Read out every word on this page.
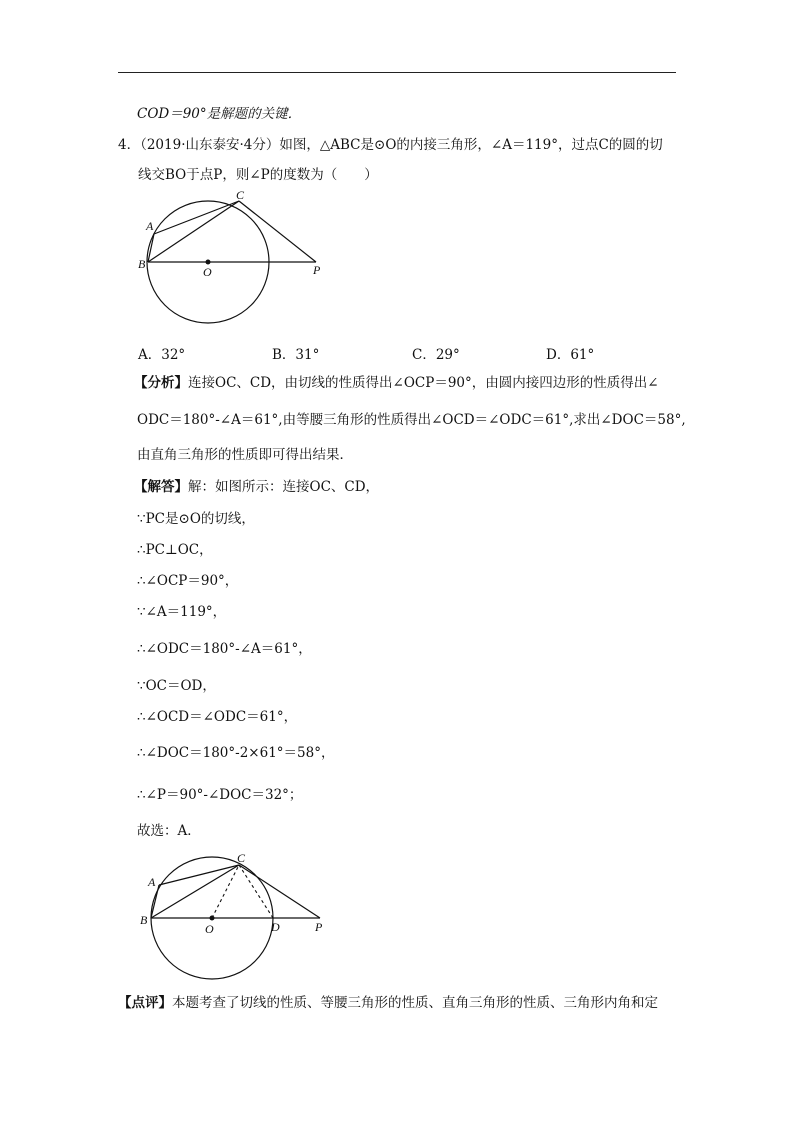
COD＝90°是解题的关键．
4．（2019·山东泰安·4分）如图，△ABC是⊙O的内接三角形，∠A＝119°，过点C的圆的切
线交BO于点P，则∠P的度数为（　　）
A
B
C
O	P
A．32°	B．31°	C．29°	D．61°
【分析】连接OC、CD，由切线的性质得出∠OCP＝90°，由圆内接四边形的性质得出∠
ODC＝180°-∠A＝61°,由等腰三角形的性质得出∠OCD＝∠ODC＝61°,求出∠DOC＝58°,
由直角三角形的性质即可得出结果．
【解答】解：如图所示：连接OC、CD，
∵PC是⊙O的切线，
∴PC⊥OC，
∴∠OCP＝90°，
∵∠A＝119°，
∴∠ODC＝180°-∠A＝61°，
∵OC＝OD，
∴∠OCD＝∠ODC＝61°，
∴∠DOC＝180°-2×61°＝58°，
∴∠P＝90°-∠DOC＝32°；
故选：A．
A
B
C
O	D	P
【点评】本题考查了切线的性质、等腰三角形的性质、直角三角形的性质、三角形内角和定
